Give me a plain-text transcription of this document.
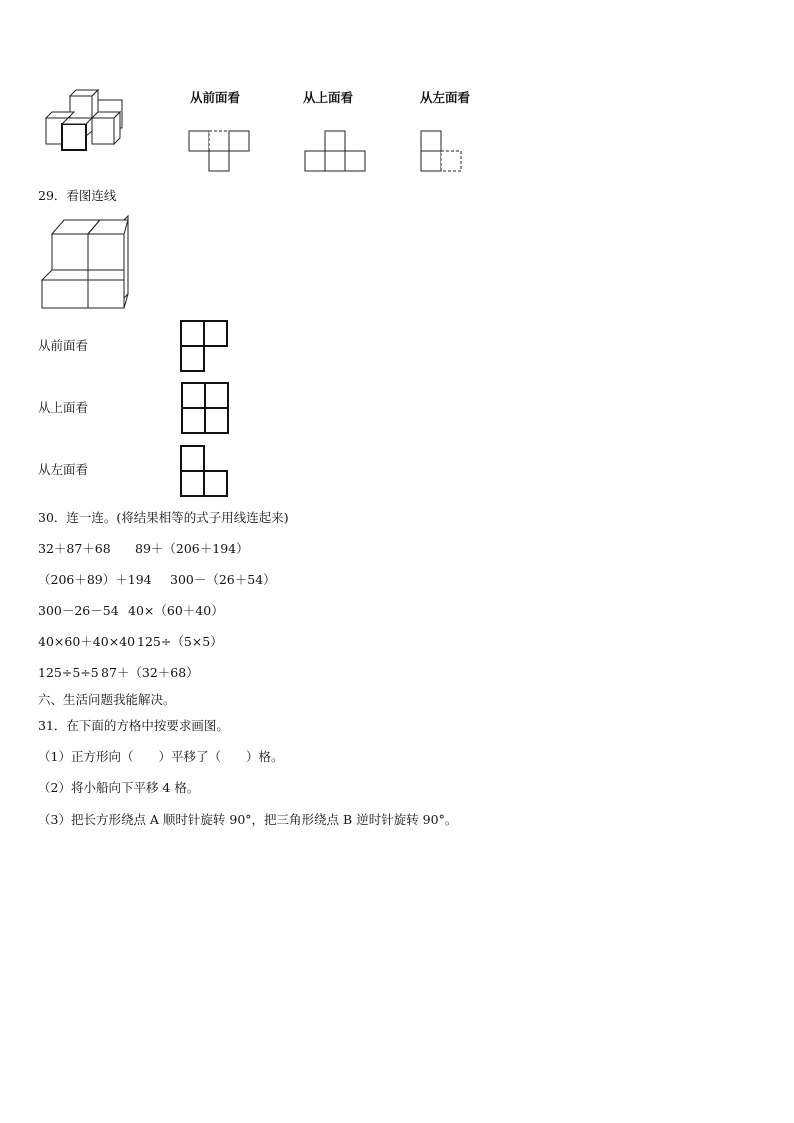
从前面看	从上面看	从左面看
29．看图连线
从前面看
从上面看
从左面看
30．连一连。(将结果相等的式子用线连起来)
32＋87＋68 89＋（206＋194）
（206＋89）＋194 300－（26＋54）
300－26－54 40×（60＋40）
40×60＋40×40 125÷（5×5）
125÷5÷5 87＋（32＋68）
六、生活问题我能解决。
31．在下面的方格中按要求画图。
（1）正方形向（　　）平移了（　　）格。
（2）将小船向下平移 4 格。
（3）把长方形绕点 A 顺时针旋转 90°，把三角形绕点 B 逆时针旋转 90°。
